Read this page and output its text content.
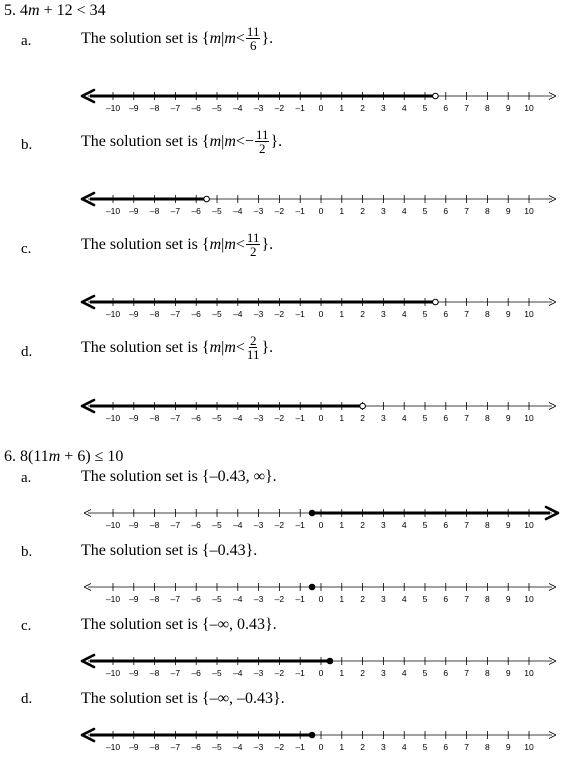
5. 4m + 12 < 34
a.	The solution set is { m | $m < \frac{11}{6}$ }.
b.	The solution set is { m | m < − $\frac{11}{2}$ }.
c.	The solution set is { m | $m < \frac{11}{2}$ }.
d.	The solution set is { m | $m < \frac{2}{11}$ }.
6. 8(11m + 6) ≤ 10
a.	The solution set is {–0.43, ∞}.
b.	The solution set is {–0.43}.
c.	The solution set is {–∞, 0.43}.
d.	The solution set is {–∞, –0.43}.
–10 –9 –8 –7 –6 –5 –4 –3 –2 –1 0 1 2 3 4 5 6 7 8 9 10
–10 –9 –8 –7 –6 –5 –4 –3 –2 –1 0 1 2 3 4 5 6 7 8 9 10
–10 –9 –8 –7 –6 –5 –4 –3 –2 –1 0 1 2 3 4 5 6 7 8 9 10
–10 –9 –8 –7 –6 –5 –4 –3 –2 –1 0 1 2 3 4 5 6 7 8 9 10
–10 –9 –8 –7 –6 –5 –4 –3 –2 –1 0 1 2 3 4 5 6 7 8 9 10
–10 –9 –8 –7 –6 –5 –4 –3 –2 –1 0 1 2 3 4 5 6 7 8 9 10
–10 –9 –8 –7 –6 –5 –4 –3 –2 –1 0 1 2 3 4 5 6 7 8 9 10
–10 –9 –8 –7 –6 –5 –4 –3 –2 –1 0 1 2 3 4 5 6 7 8 9 10
